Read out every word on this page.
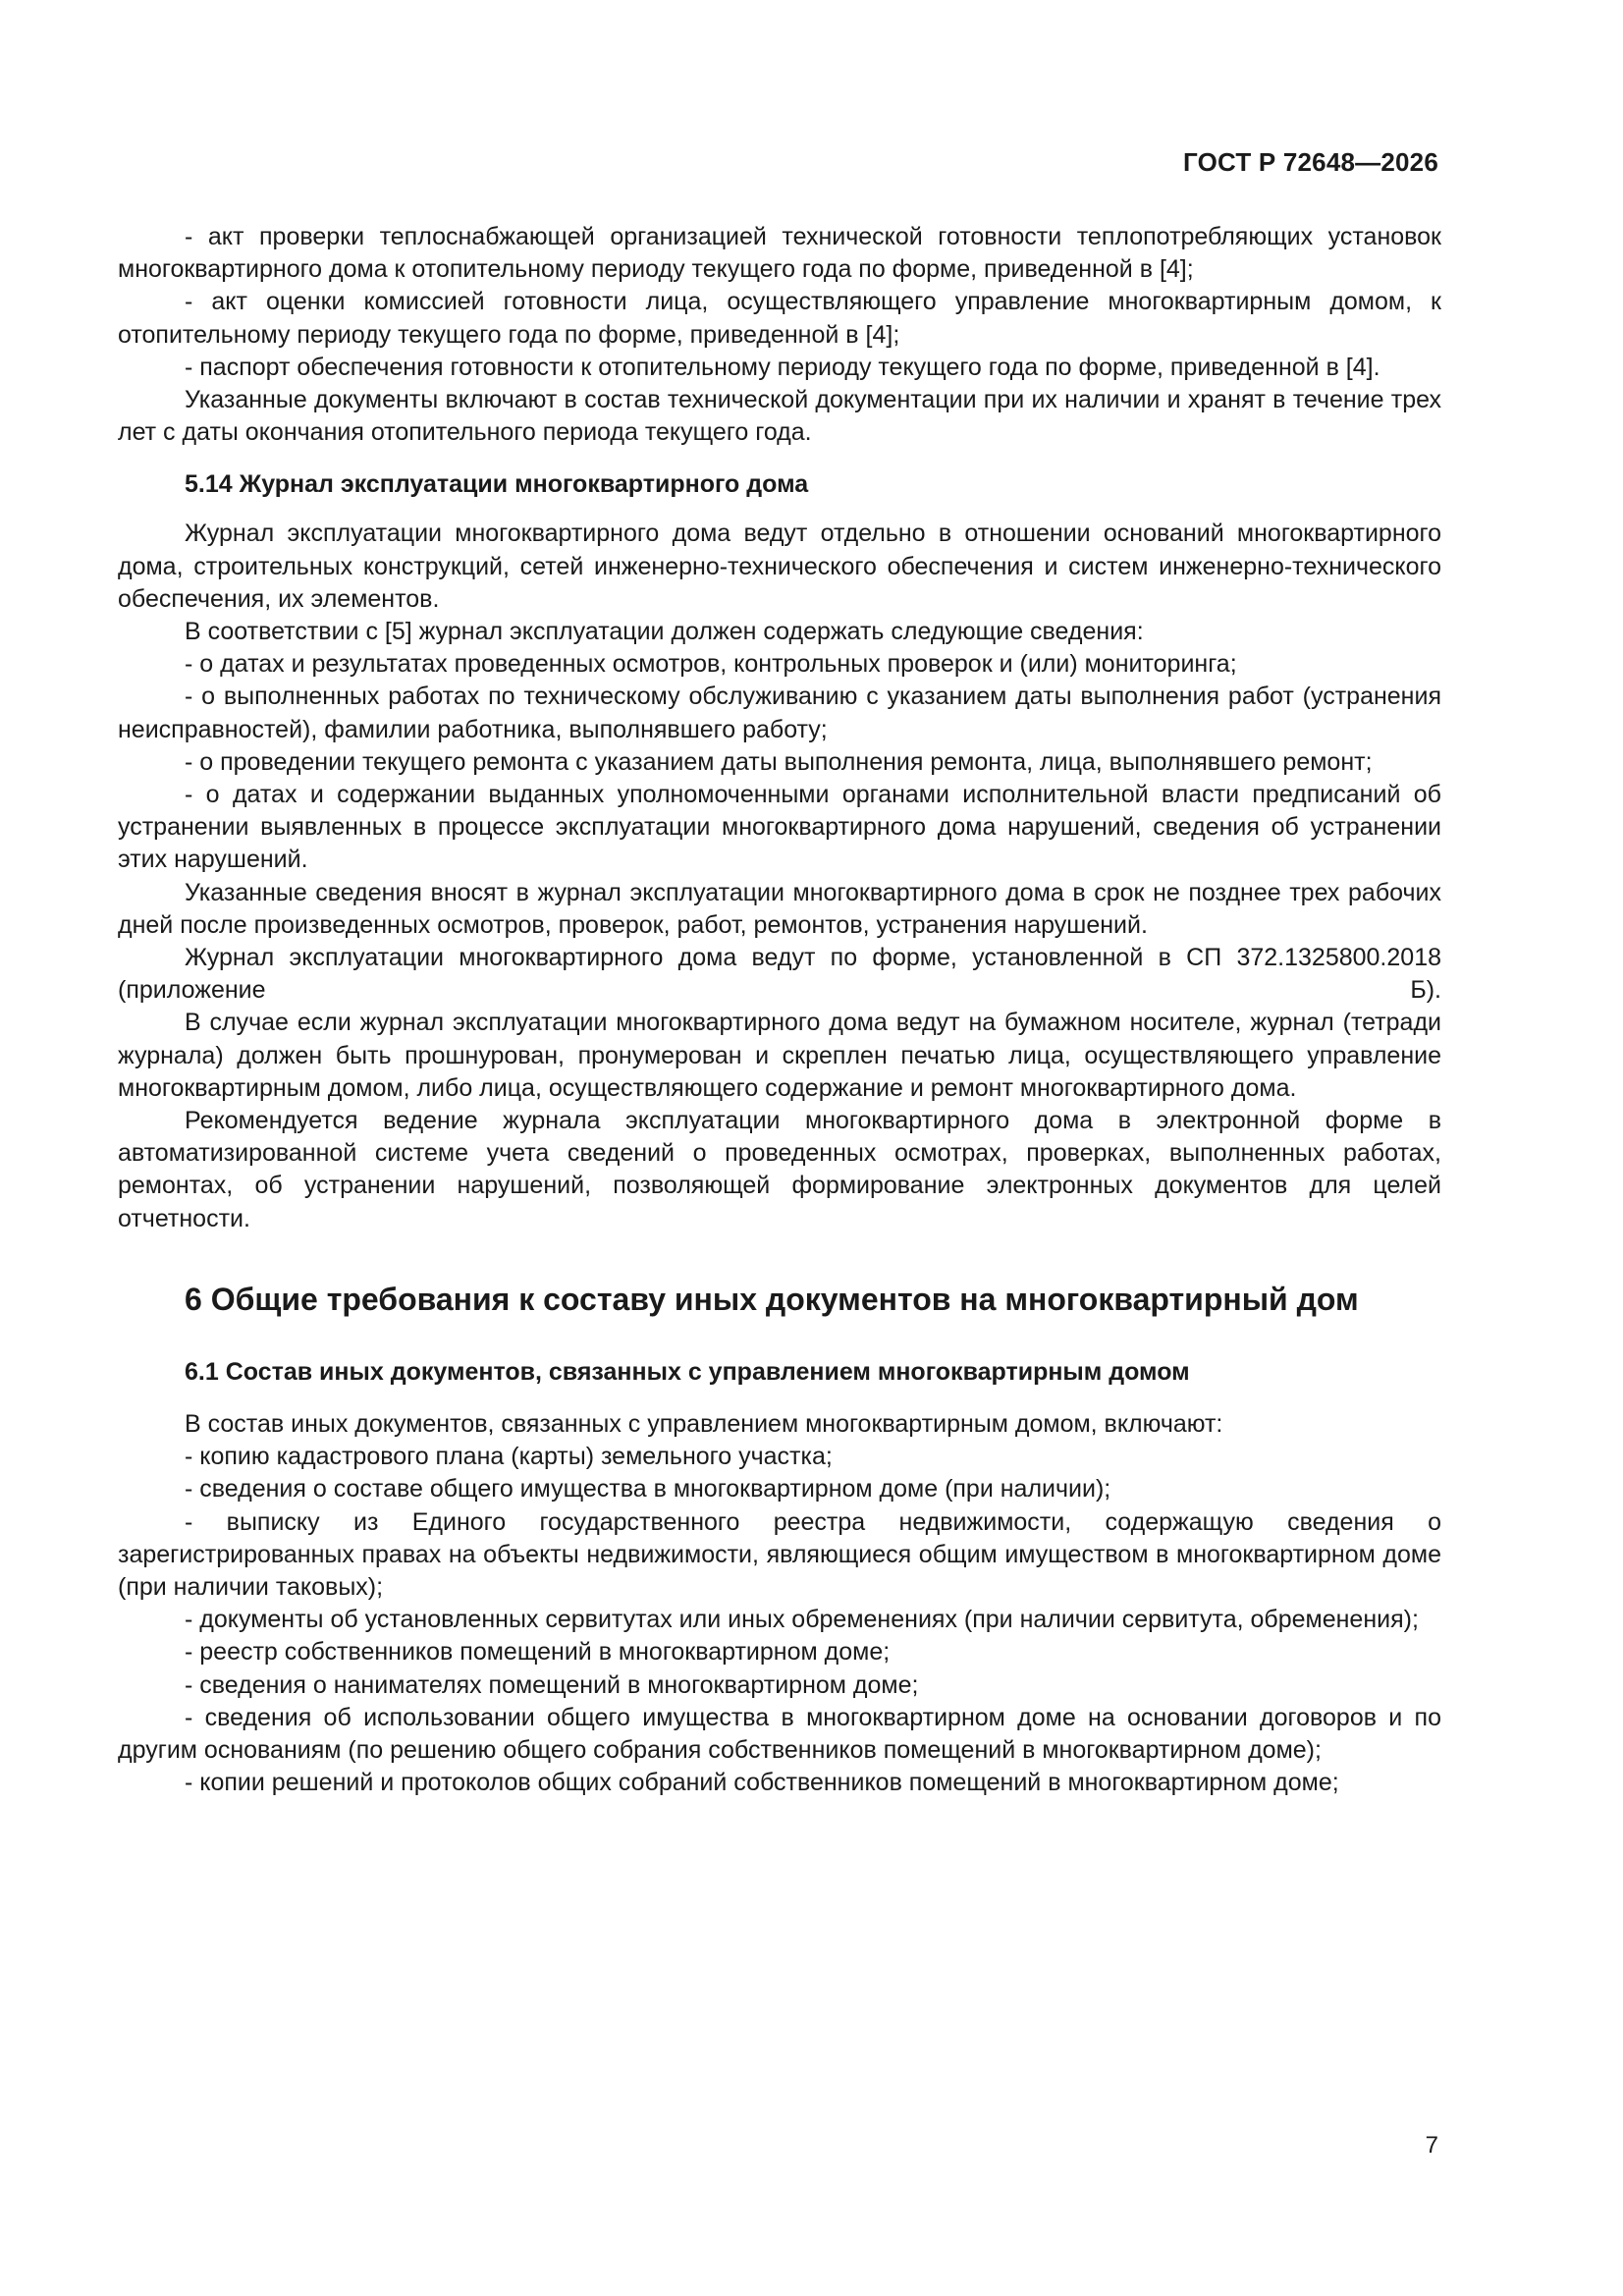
ГОСТ Р 72648—2026

- акт проверки теплоснабжающей организацией технической готовности теплопотребляющих установок многоквартирного дома к отопительному периоду текущего года по форме, приведенной в [4];

- акт оценки комиссией готовности лица, осуществляющего управление многоквартирным домом, к отопительному периоду текущего года по форме, приведенной в [4];

- паспорт обеспечения готовности к отопительному периоду текущего года по форме, приведенной в [4].

Указанные документы включают в состав технической документации при их наличии и хранят в течение трех лет с даты окончания отопительного периода текущего года.

5.14 Журнал эксплуатации многоквартирного дома

Журнал эксплуатации многоквартирного дома ведут отдельно в отношении оснований многоквартирного дома, строительных конструкций, сетей инженерно-технического обеспечения и систем инженерно-технического обеспечения, их элементов.

В соответствии с [5] журнал эксплуатации должен содержать следующие сведения:

- о датах и результатах проведенных осмотров, контрольных проверок и (или) мониторинга;

- о выполненных работах по техническому обслуживанию с указанием даты выполнения работ (устранения неисправностей), фамилии работника, выполнявшего работу;

- о проведении текущего ремонта с указанием даты выполнения ремонта, лица, выполнявшего ремонт;

- о датах и содержании выданных уполномоченными органами исполнительной власти предписаний об устранении выявленных в процессе эксплуатации многоквартирного дома нарушений, сведения об устранении этих нарушений.

Указанные сведения вносят в журнал эксплуатации многоквартирного дома в срок не позднее трех рабочих дней после произведенных осмотров, проверок, работ, ремонтов, устранения нарушений.

Журнал эксплуатации многоквартирного дома ведут по форме, установленной в СП 372.1325800.2018 (приложение Б).

В случае если журнал эксплуатации многоквартирного дома ведут на бумажном носителе, журнал (тетради журнала) должен быть прошнурован, пронумерован и скреплен печатью лица, осуществляющего управление многоквартирным домом, либо лица, осуществляющего содержание и ремонт многоквартирного дома.

Рекомендуется ведение журнала эксплуатации многоквартирного дома в электронной форме в автоматизированной системе учета сведений о проведенных осмотрах, проверках, выполненных работах, ремонтах, об устранении нарушений, позволяющей формирование электронных документов для целей отчетности.

6 Общие требования к составу иных документов на многоквартирный дом
6.1 Состав иных документов, связанных с управлением многоквартирным домом

В состав иных документов, связанных с управлением многоквартирным домом, включают:

- копию кадастрового плана (карты) земельного участка;

- сведения о составе общего имущества в многоквартирном доме (при наличии);

- выписку из Единого государственного реестра недвижимости, содержащую сведения о зарегистрированных правах на объекты недвижимости, являющиеся общим имуществом в многоквартирном доме (при наличии таковых);

- документы об установленных сервитутах или иных обременениях (при наличии сервитута, обременения);

- реестр собственников помещений в многоквартирном доме;

- сведения о нанимателях помещений в многоквартирном доме;

- сведения об использовании общего имущества в многоквартирном доме на основании договоров и по другим основаниям (по решению общего собрания собственников помещений в многоквартирном доме);

- копии решений и протоколов общих собраний собственников помещений в многоквартирном доме;

7
